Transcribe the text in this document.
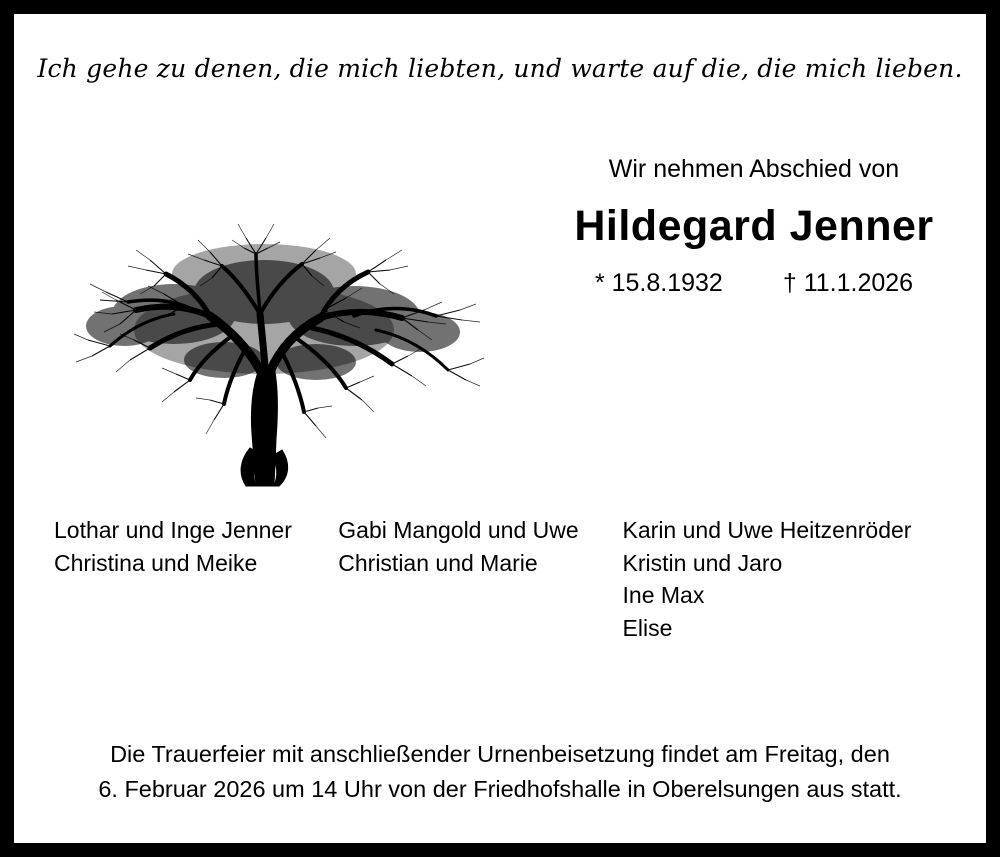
Ich gehe zu denen, die mich liebten, und warte auf die, die mich lieben.
Wir nehmen Abschied von
Hildegard Jenner
* 15.8.1932 † 11.1.2026
Lothar und Inge Jenner
Christina und Meike
Gabi Mangold und Uwe
Christian und Marie
Karin und Uwe Heitzenröder
Kristin und Jaro
Ine Max
Elise
Die Trauerfeier mit anschließender Urnenbeisetzung findet am Freitag, den
6. Februar 2026 um 14 Uhr von der Friedhofshalle in Oberelsungen aus statt.
